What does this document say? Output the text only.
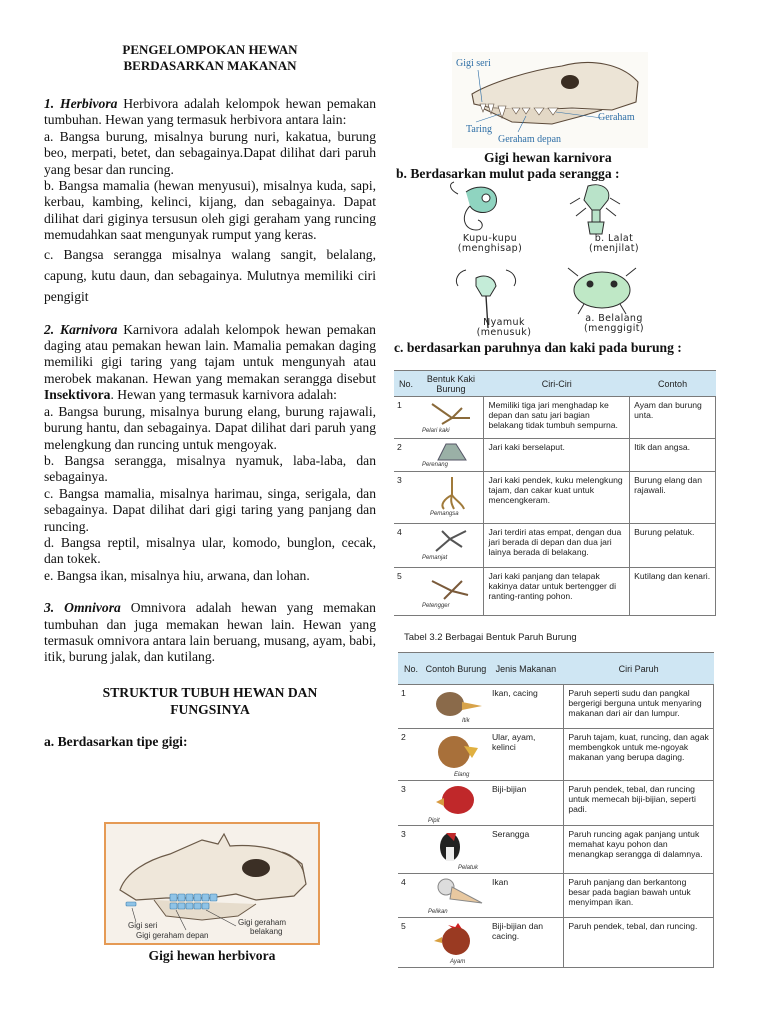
PENGELOMPOKAN HEWAN
BERDASARKAN MAKANAN
1. Herbivora Herbivora adalah kelompok hewan pemakan tumbuhan. Hewan yang termasuk herbivora antara lain:
a. Bangsa burung, misalnya burung nuri, kakatua, burung beo, merpati, betet, dan sebagainya.Dapat dilihat dari paruh yang besar dan runcing.
b. Bangsa mamalia (hewan menyusui), misalnya kuda, sapi, kerbau, kambing, kelinci, kijang, dan sebagainya. Dapat dilihat dari giginya tersusun oleh gigi geraham yang runcing memudahkan saat mengunyak rumput yang keras.
c. Bangsa serangga misalnya walang sangit, belalang, capung, kutu daun, dan sebagainya. Mulutnya memiliki ciri pengigit
2. Karnivora Karnivora adalah kelompok hewan pemakan daging atau pemakan hewan lain. Mamalia pemakan daging memiliki gigi taring yang tajam untuk mengunyah atau merobek makanan. Hewan yang memakan serangga disebut Insektivora. Hewan yang termasuk karnivora adalah:
a. Bangsa burung, misalnya burung elang, burung rajawali, burung hantu, dan sebagainya. Dapat dilihat dari paruh yang melengkung dan runcing untuk mengoyak.
b. Bangsa serangga, misalnya nyamuk, laba-laba, dan sebagainya.
c. Bangsa mamalia, misalnya harimau, singa, serigala, dan sebagainya. Dapat dilihat dari gigi taring yang panjang dan runcing.
d. Bangsa reptil, misalnya ular, komodo, bunglon, cecak, dan tokek.
e. Bangsa ikan, misalnya hiu, arwana, dan lohan.
3. Omnivora Omnivora adalah hewan yang memakan tumbuhan dan juga memakan hewan lain. Hewan yang termasuk omnivora antara lain beruang, musang, ayam, babi, itik, burung jalak, dan kutilang.
STRUKTUR TUBUH HEWAN DAN
FUNGSINYA
a. Berdasarkan tipe gigi:
Gigi seri
Gigi geraham depan
Gigi geraham
belakang
Gigi hewan herbivora
Gigi seri
Geraham
Taring
Geraham depan
Gigi hewan karnivora
b. Berdasarkan mulut pada serangga :
Kupu-kupu
(menghisap)
b. Lalat
(menjilat)
Nyamuk
(menusuk)
a. Belalang
(menggigit)
c. berdasarkan paruhnya dan kaki pada burung :
No.	Bentuk Kaki Burung	Ciri-Ciri	Contoh
1	Pelari kaki	Memiliki tiga jari menghadap ke depan dan satu jari bagian belakang tidak tumbuh sempurna.	Ayam dan burung unta.
2	Perenang	Jari kaki berselaput.	Itik dan angsa.
3	Pemangsa	Jari kaki pendek, kuku melengkung tajam, dan cakar kuat untuk mencengkeram.	Burung elang dan rajawali.
4	Pemanjat	Jari terdiri atas empat, dengan dua jari berada di depan dan dua jari lainya berada di belakang.	Burung pelatuk.
5	Petengger	Jari kaki panjang dan telapak kakinya datar untuk bertengger di ranting-ranting pohon.	Kutilang dan kenari.
Tabel 3.2 Berbagai Bentuk Paruh Burung
No.	Contoh Burung	Jenis Makanan	Ciri Paruh
1	Itik	Ikan, cacing	Paruh seperti sudu dan pangkal bergerigi berguna untuk menyaring makanan dari air dan lumpur.
2	Elang	Ular, ayam, kelinci	Paruh tajam, kuat, runcing, dan agak membengkok untuk me-ngoyak makanan yang berupa daging.
3	Pipit	Biji-bijian	Paruh pendek, tebal, dan runcing untuk memecah biji-bijian, seperti padi.
3	Pelatuk	Serangga	Paruh runcing agak panjang untuk memahat kayu pohon dan menangkap serangga di dalamnya.
4	Pelikan	Ikan	Paruh panjang dan berkantong besar pada bagian bawah untuk menyimpan ikan.
5	Ayam	Biji-bijian dan cacing.	Paruh pendek, tebal, dan runcing.
